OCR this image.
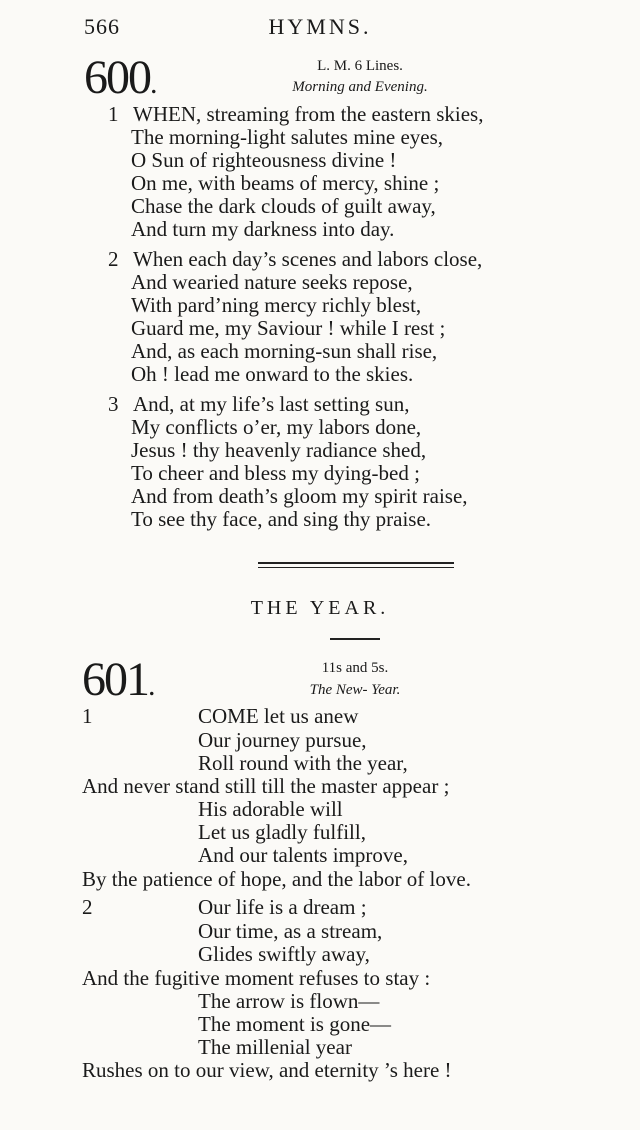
566	HYMNS.
600.
L. M. 6 Lines.
Morning and Evening.
1 WHEN, streaming from the eastern skies,
The morning-light salutes mine eyes,
O Sun of righteousness divine !
On me, with beams of mercy, shine ;
Chase the dark clouds of guilt away,
And turn my darkness into day.
2 When each day’s scenes and labors close,
And wearied nature seeks repose,
With pard’ning mercy richly blest,
Guard me, my Saviour ! while I rest ;
And, as each morning-sun shall rise,
Oh ! lead me onward to the skies.
3 And, at my life’s last setting sun,
My conflicts o’er, my labors done,
Jesus ! thy heavenly radiance shed,
To cheer and bless my dying-bed ;
And from death’s gloom my spirit raise,
To see thy face, and sing thy praise.
THE YEAR.
601.
11s and 5s.
The New- Year.
1	COME let us anew
Our journey pursue,
Roll round with the year,
And never stand still till the master appear ;
His adorable will
Let us gladly fulfill,
And our talents improve,
By the patience of hope, and the labor of love.
2	Our life is a dream ;
Our time, as a stream,
Glides swiftly away,
And the fugitive moment refuses to stay :
The arrow is flown—
The moment is gone—
The millenial year
Rushes on to our view, and eternity ’s here !
